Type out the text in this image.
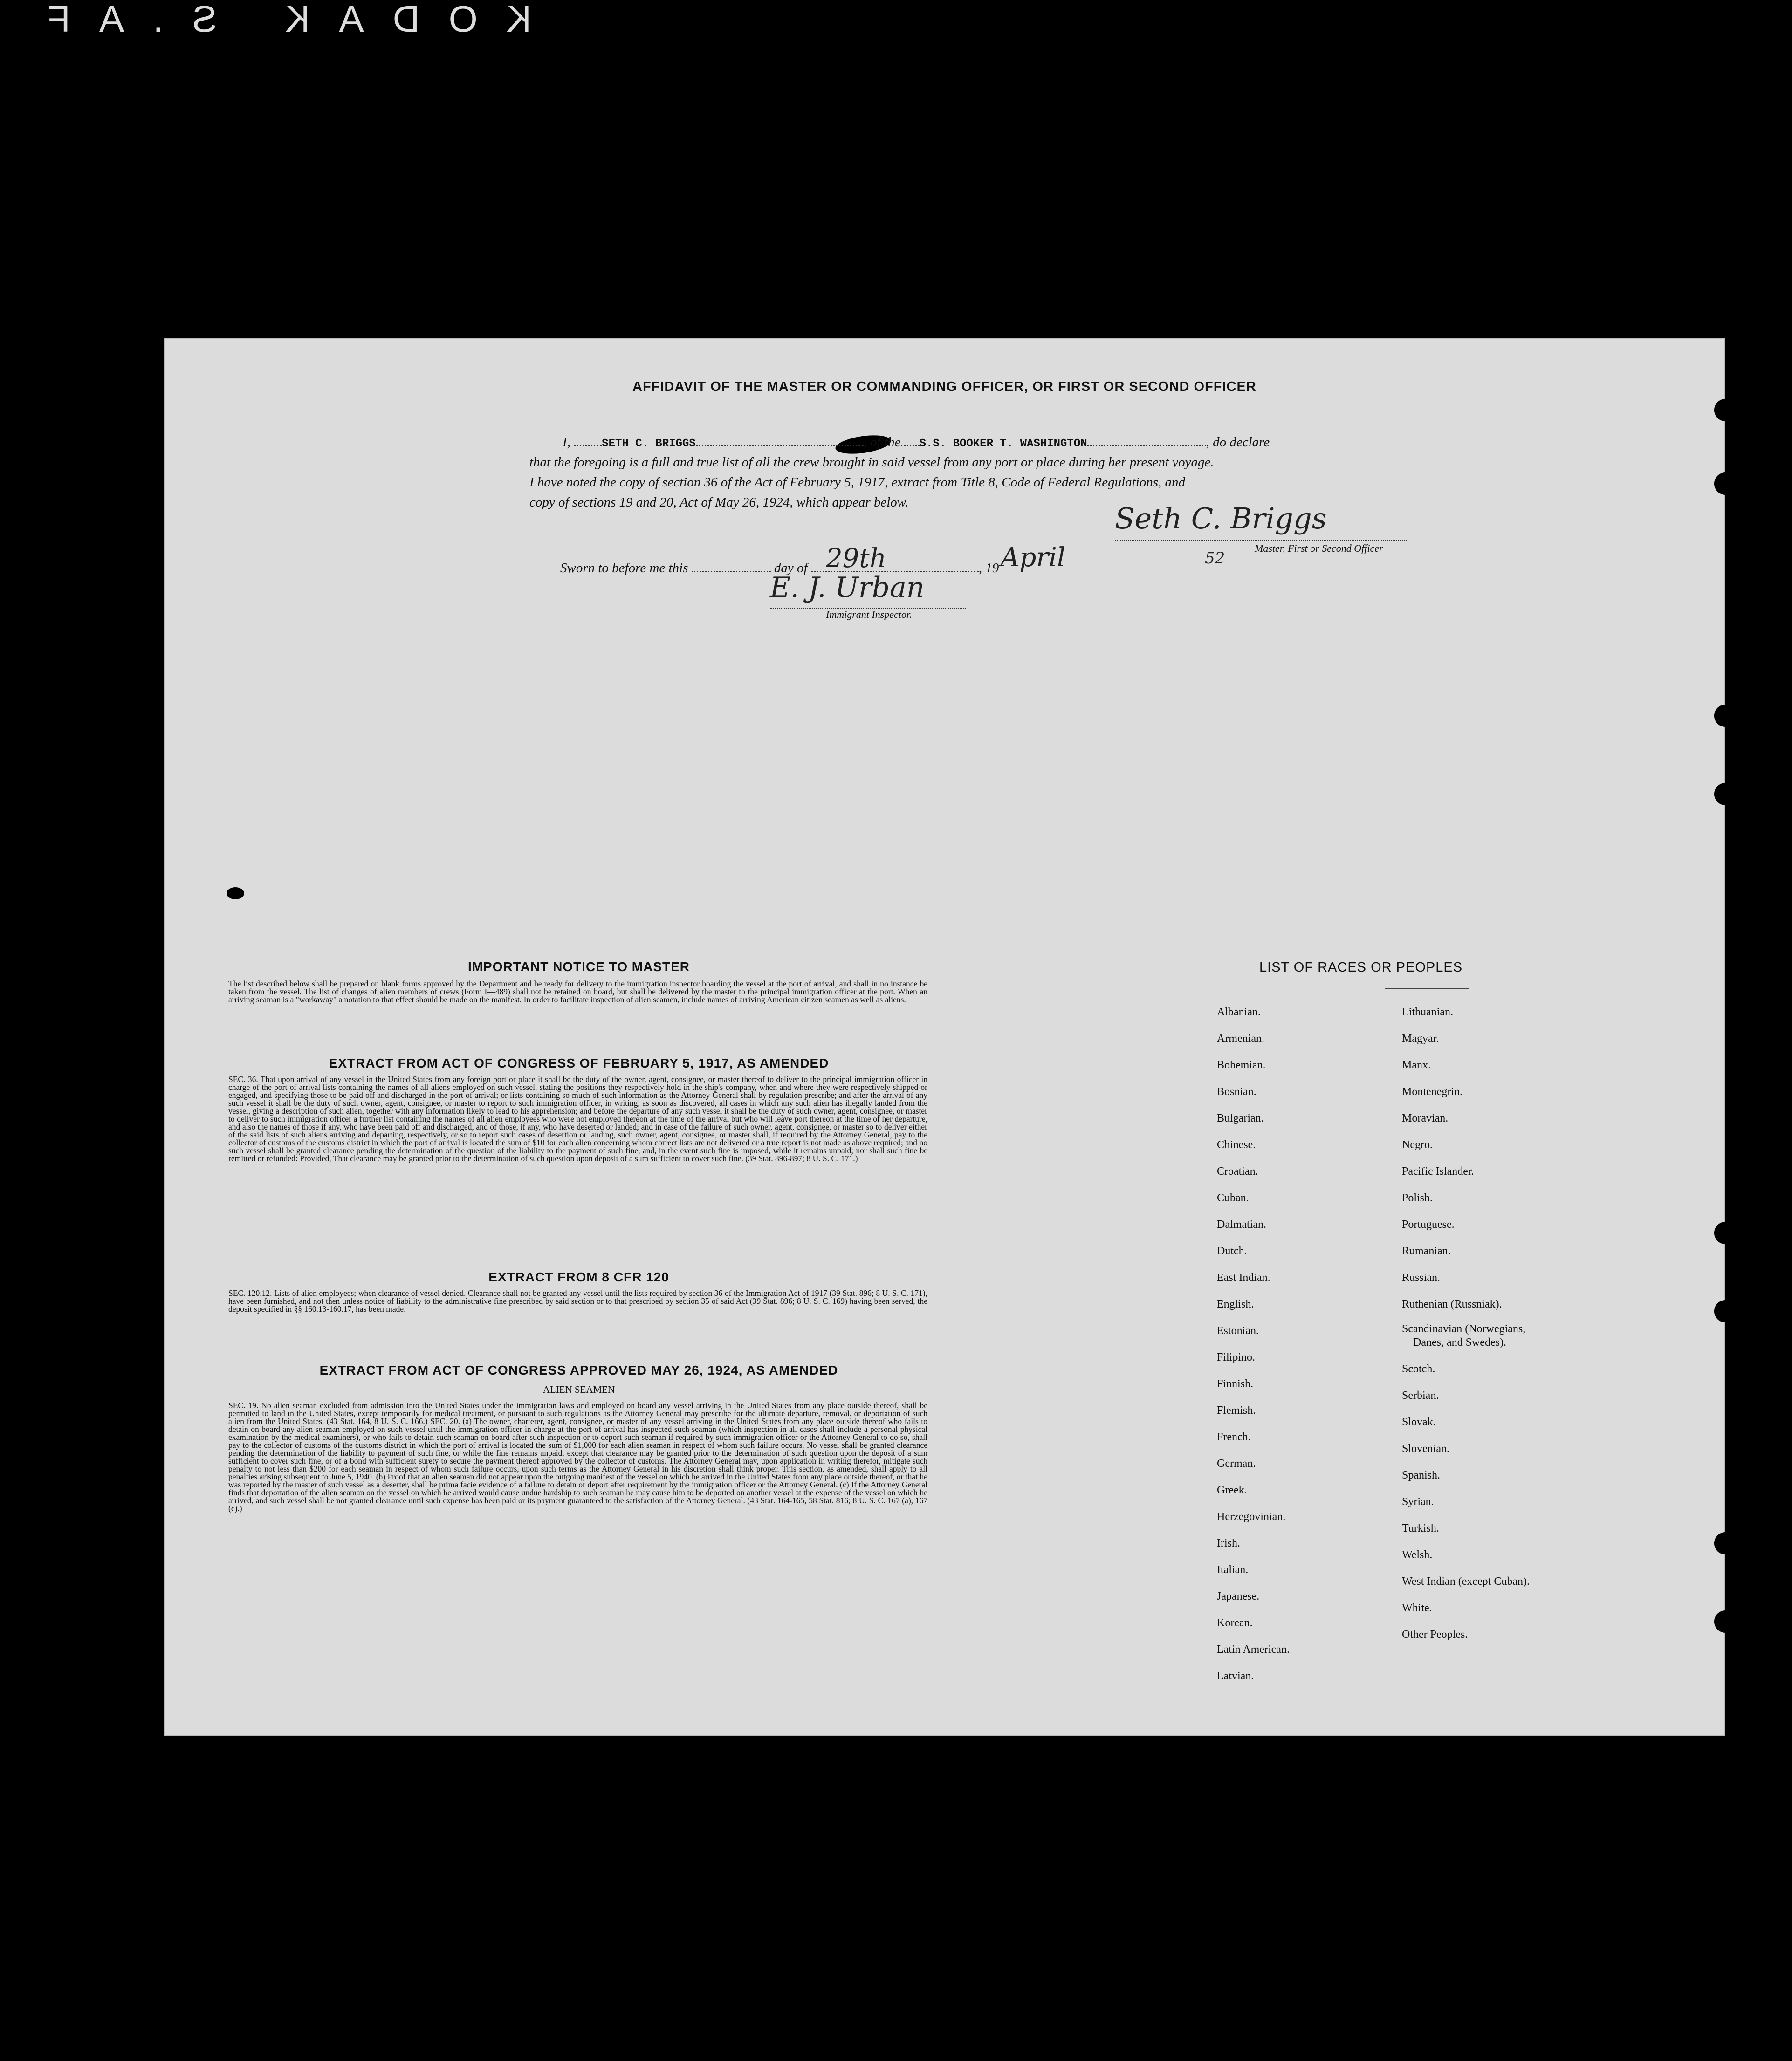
KODAK S.AF
AFFIDAVIT OF THE MASTER OR COMMANDING OFFICER, OR FIRST OR SECOND OFFICER
I,	SETH C. BRIGGS	, of the S.S. BOOKER T. WASHINGTON	, do declare
that the foregoing is a full and true list of all the crew brought in said vessel from any port or place during her present voyage.
I have noted the copy of section 36 of the Act of February 5, 1917, extract from Title 8, Code of Federal Regulations, and
copy of sections 19 and 20, Act of May 26, 1924, which appear below.	Seth C. Briggs
Master, First or Second Officer
Sworn to before me this	day of	, 19
29th	April	52
E. J. Urban
Immigrant Inspector.
IMPORTANT NOTICE TO MASTER
The list described below shall be prepared on blank forms approved by the Department and be ready for delivery to the immigration inspector boarding the vessel at the port of arrival, and shall in no instance be taken from the vessel. The list of changes of alien members of crews (Form I—489) shall not be retained on board, but shall be delivered by the master to the principal immigration officer at the port. When an arriving seaman is a "workaway" a notation to that effect should be made on the manifest. In order to facilitate inspection of alien seamen, include names of arriving American citizen seamen as well as aliens.
EXTRACT FROM ACT OF CONGRESS OF FEBRUARY 5, 1917, AS AMENDED
SEC. 36. That upon arrival of any vessel in the United States from any foreign port or place it shall be the duty of the owner, agent, consignee, or master thereof to deliver to the principal immigration officer in charge of the port of arrival lists containing the names of all aliens employed on such vessel, stating the positions they respectively hold in the ship's company, when and where they were respectively shipped or engaged, and specifying those to be paid off and discharged in the port of arrival; or lists containing so much of such information as the Attorney General shall by regulation prescribe; and after the arrival of any such vessel it shall be the duty of such owner, agent, consignee, or master to report to such immigration officer, in writing, as soon as discovered, all cases in which any such alien has illegally landed from the vessel, giving a description of such alien, together with any information likely to lead to his apprehension; and before the departure of any such vessel it shall be the duty of such owner, agent, consignee, or master to deliver to such immigration officer a further list containing the names of all alien employees who were not employed thereon at the time of the arrival but who will leave port thereon at the time of her departure, and also the names of those if any, who have been paid off and discharged, and of those, if any, who have deserted or landed; and in case of the failure of such owner, agent, consignee, or master so to deliver either of the said lists of such aliens arriving and departing, respectively, or so to report such cases of desertion or landing, such owner, agent, consignee, or master shall, if required by the Attorney General, pay to the collector of customs of the customs district in which the port of arrival is located the sum of $10 for each alien concerning whom correct lists are not delivered or a true report is not made as above required; and no such vessel shall be granted clearance pending the determination of the question of the liability to the payment of such fine, and, in the event such fine is imposed, while it remains unpaid; nor shall such fine be remitted or refunded: Provided, That clearance may be granted prior to the determination of such question upon deposit of a sum sufficient to cover such fine. (39 Stat. 896-897; 8 U. S. C. 171.)
EXTRACT FROM 8 CFR 120
SEC. 120.12. Lists of alien employees; when clearance of vessel denied. Clearance shall not be granted any vessel until the lists required by section 36 of the Immigration Act of 1917 (39 Stat. 896; 8 U. S. C. 171), have been furnished, and not then unless notice of liability to the administrative fine prescribed by said section or to that prescribed by section 35 of said Act (39 Stat. 896; 8 U. S. C. 169) having been served, the deposit specified in §§ 160.13-160.17, has been made.
EXTRACT FROM ACT OF CONGRESS APPROVED MAY 26, 1924, AS AMENDED
ALIEN SEAMEN
SEC. 19. No alien seaman excluded from admission into the United States under the immigration laws and employed on board any vessel arriving in the United States from any place outside thereof, shall be permitted to land in the United States, except temporarily for medical treatment, or pursuant to such regulations as the Attorney General may prescribe for the ultimate departure, removal, or deportation of such alien from the United States. (43 Stat. 164, 8 U. S. C. 166.) SEC. 20. (a) The owner, charterer, agent, consignee, or master of any vessel arriving in the United States from any place outside thereof who fails to detain on board any alien seaman employed on such vessel until the immigration officer in charge at the port of arrival has inspected such seaman (which inspection in all cases shall include a personal physical examination by the medical examiners), or who fails to detain such seaman on board after such inspection or to deport such seaman if required by such immigration officer or the Attorney General to do so, shall pay to the collector of customs of the customs district in which the port of arrival is located the sum of $1,000 for each alien seaman in respect of whom such failure occurs. No vessel shall be granted clearance pending the determination of the liability to payment of such fine, or while the fine remains unpaid, except that clearance may be granted prior to the determination of such question upon the deposit of a sum sufficient to cover such fine, or of a bond with sufficient surety to secure the payment thereof approved by the collector of customs. The Attorney General may, upon application in writing therefor, mitigate such penalty to not less than $200 for each seaman in respect of whom such failure occurs, upon such terms as the Attorney General in his discretion shall think proper. This section, as amended, shall apply to all penalties arising subsequent to June 5, 1940. (b) Proof that an alien seaman did not appear upon the outgoing manifest of the vessel on which he arrived in the United States from any place outside thereof, or that he was reported by the master of such vessel as a deserter, shall be prima facie evidence of a failure to detain or deport after requirement by the immigration officer or the Attorney General. (c) If the Attorney General finds that deportation of the alien seaman on the vessel on which he arrived would cause undue hardship to such seaman he may cause him to be deported on another vessel at the expense of the vessel on which he arrived, and such vessel shall be not granted clearance until such expense has been paid or its payment guaranteed to the satisfaction of the Attorney General. (43 Stat. 164-165, 58 Stat. 816; 8 U. S. C. 167 (a), 167 (c).)
LIST OF RACES OR PEOPLES
Albanian.
Armenian.
Bohemian.
Bosnian.
Bulgarian.
Chinese.
Croatian.
Cuban.
Dalmatian.
Dutch.
East Indian.
English.
Estonian.
Filipino.
Finnish.
Flemish.
French.
German.
Greek.
Herzegovinian.
Irish.
Italian.
Japanese.
Korean.
Latin American.
Latvian.
Lithuanian.
Magyar.
Manx.
Montenegrin.
Moravian.
Negro.
Pacific Islander.
Polish.
Portuguese.
Rumanian.
Russian.
Ruthenian (Russniak).
Scandinavian (Norwegians,
Danes, and Swedes).
Scotch.
Serbian.
Slovak.
Slovenian.
Spanish.
Syrian.
Turkish.
Welsh.
West Indian (except Cuban).
White.
Other Peoples.
